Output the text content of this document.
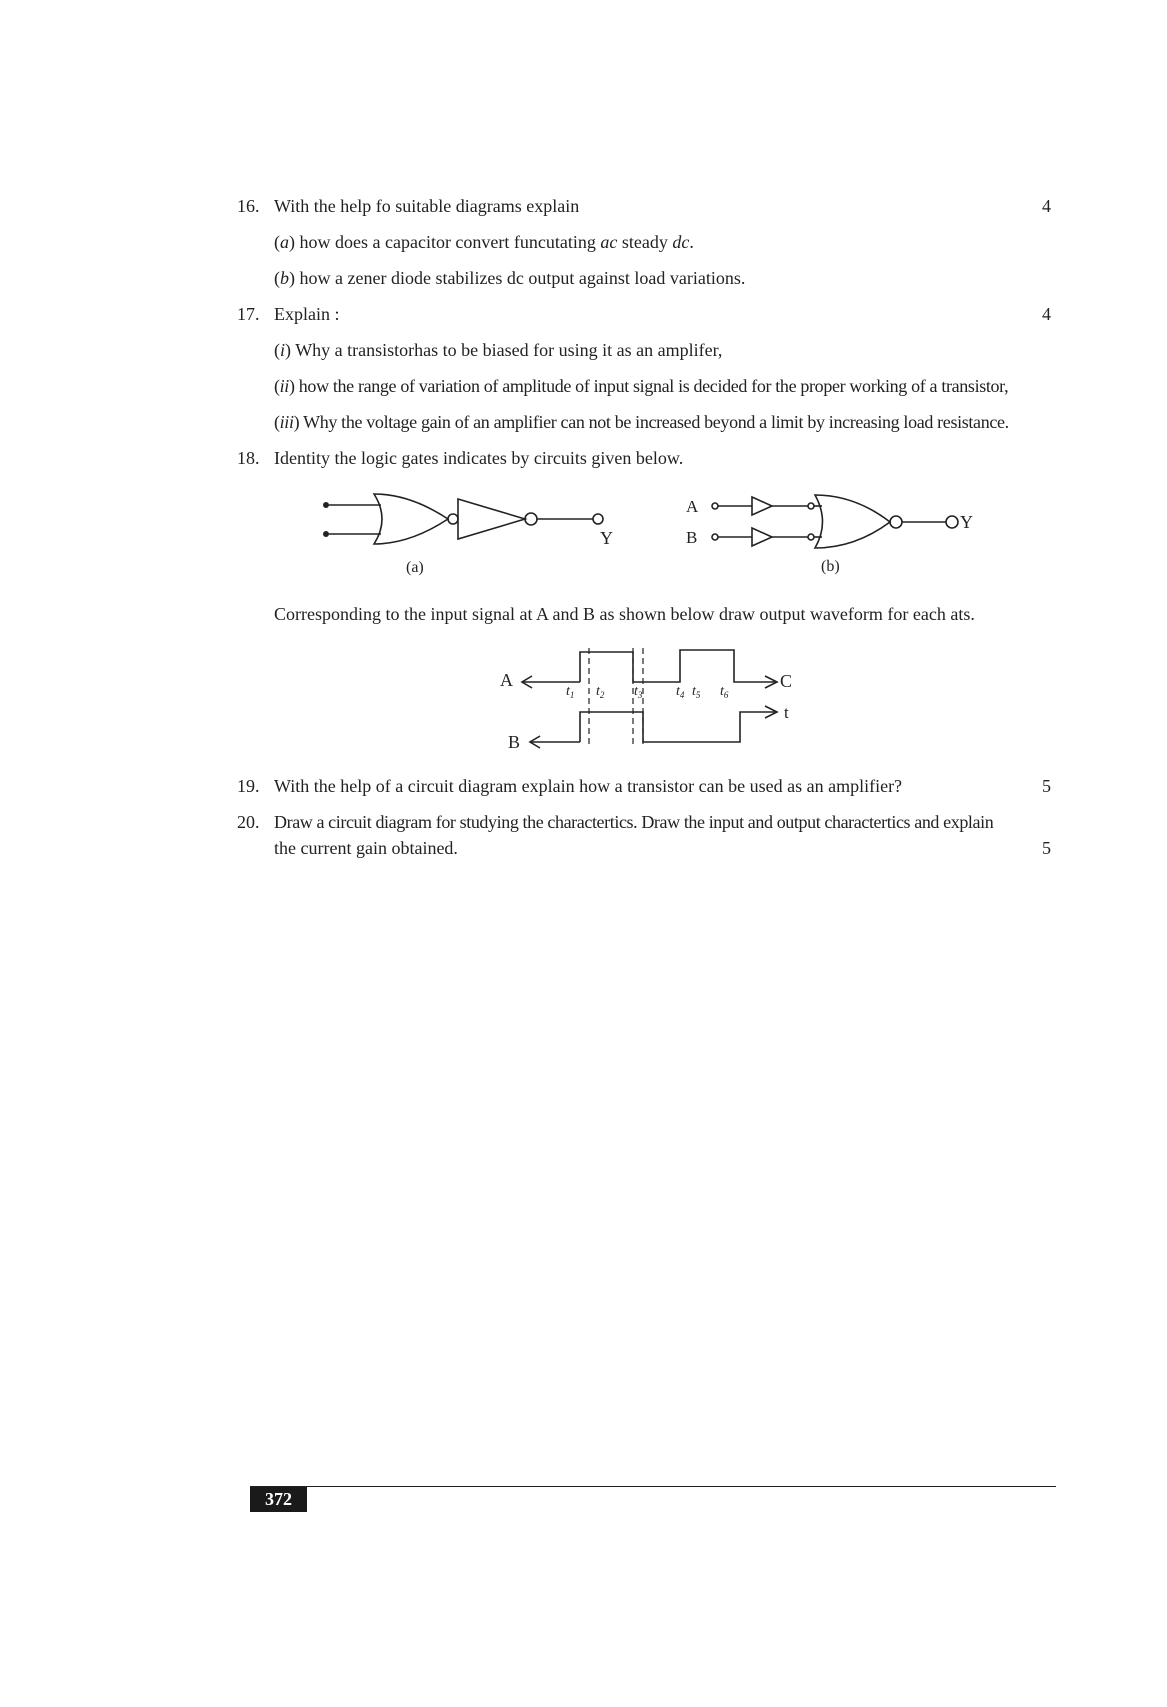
16. With the help fo suitable diagrams explain	4
(a) how does a capacitor convert funcutating ac steady dc.
(b) how a zener diode stabilizes dc output against load variations.
17. Explain :	4
(i) Why a transistorhas to be biased for using it as an amplifer,
(ii) how the range of variation of amplitude of input signal is decided for the proper working of a transistor,
(iii) Why the voltage gain of an amplifier can not be increased beyond a limit by increasing load resistance.
18. Identity the logic gates indicates by circuits given below.
Y
(a)
A
B
Y
(b)
Corresponding to the input signal at A and B as shown below draw output waveform for each ats.
A
B
C
t
$t_1$ $t_2$ $t_3$ $t_4$ $t_5$ $t_6$
19. With the help of a circuit diagram explain how a transistor can be used as an amplifier?	5
20. Draw a circuit diagram for studying the charactertics. Draw the input and output charactertics and explain
the current gain obtained.	5
372
